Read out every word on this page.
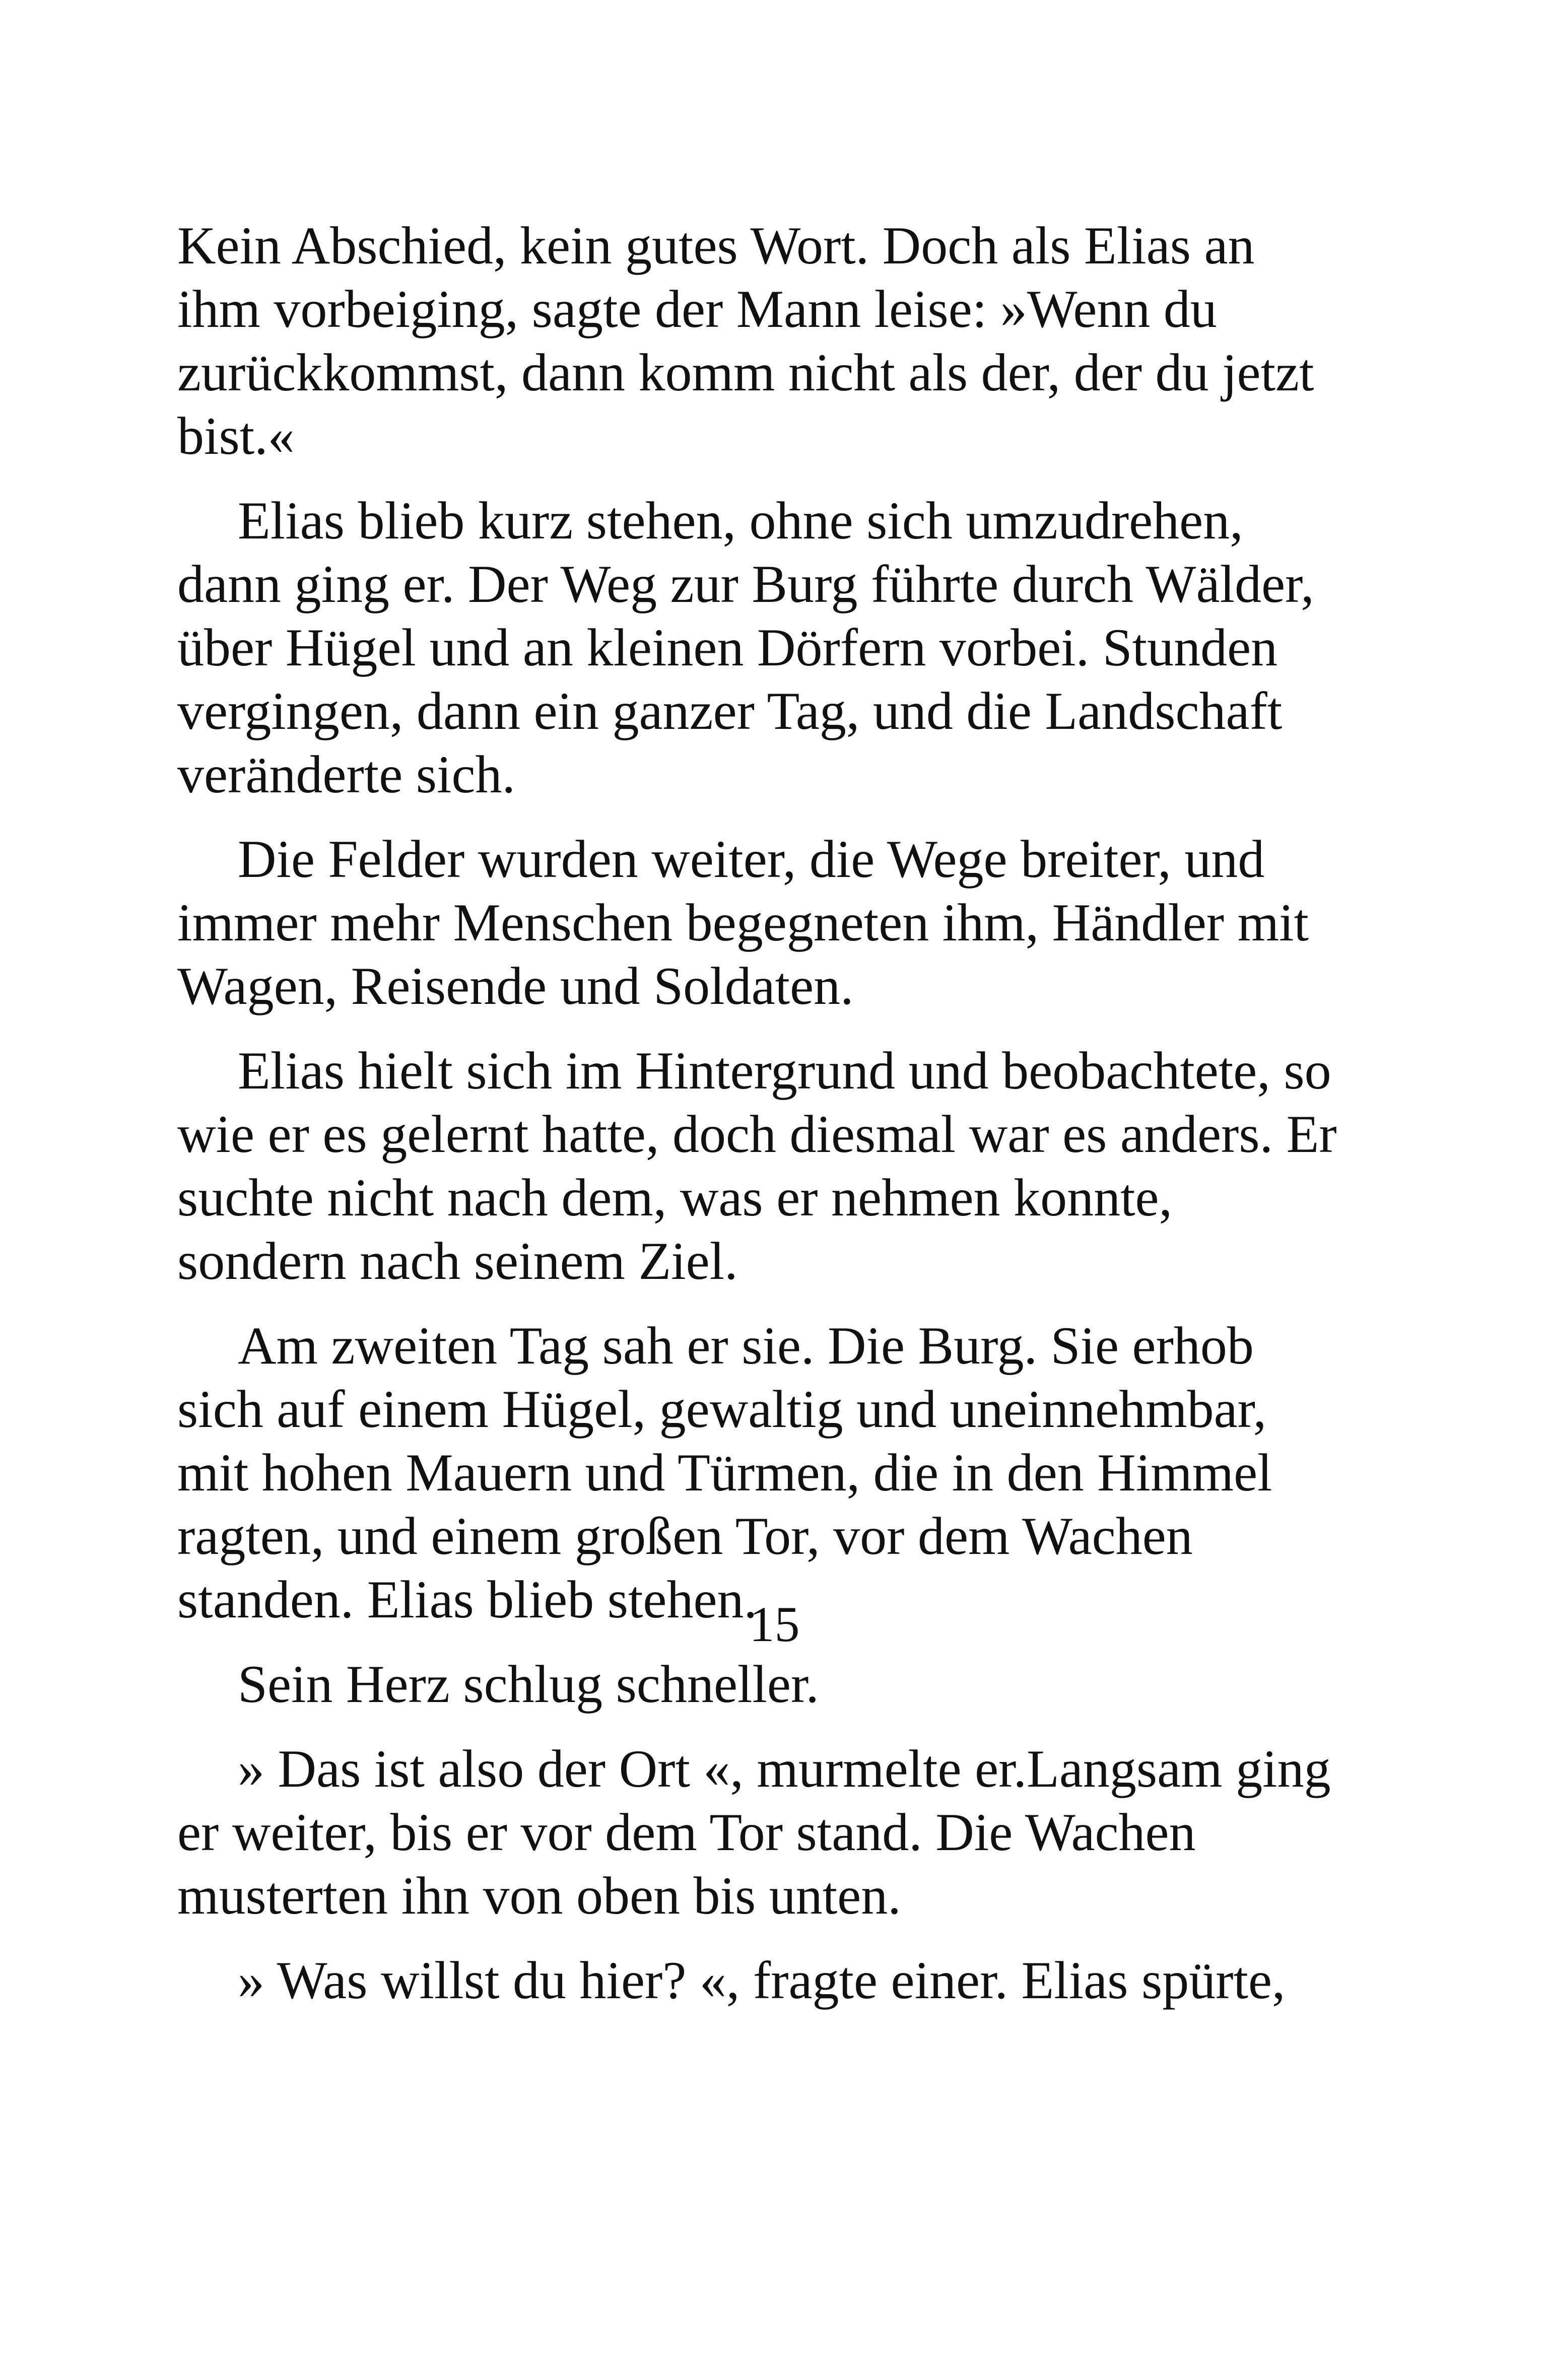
Kein Abschied, kein gutes Wort. Doch als Elias an
ihm vorbeiging, sagte der Mann leise: »Wenn du
zurückkommst, dann komm nicht als der, der du jetzt
bist.«

Elias blieb kurz stehen, ohne sich umzudrehen,
dann ging er. Der Weg zur Burg führte durch Wälder,
über Hügel und an kleinen Dörfern vorbei. Stunden
vergingen, dann ein ganzer Tag, und die Landschaft
veränderte sich.

Die Felder wurden weiter, die Wege breiter, und
immer mehr Menschen begegneten ihm, Händler mit
Wagen, Reisende und Soldaten.

Elias hielt sich im Hintergrund und beobachtete, so
wie er es gelernt hatte, doch diesmal war es anders. Er
suchte nicht nach dem, was er nehmen konnte,
sondern nach seinem Ziel.

Am zweiten Tag sah er sie. Die Burg. Sie erhob
sich auf einem Hügel, gewaltig und uneinnehmbar,
mit hohen Mauern und Türmen, die in den Himmel
ragten, und einem großen Tor, vor dem Wachen
standen. Elias blieb stehen.

Sein Herz schlug schneller.

» Das ist also der Ort «, murmelte er.Langsam ging
er weiter, bis er vor dem Tor stand. Die Wachen
musterten ihn von oben bis unten.

» Was willst du hier? «, fragte einer. Elias spürte,

15
